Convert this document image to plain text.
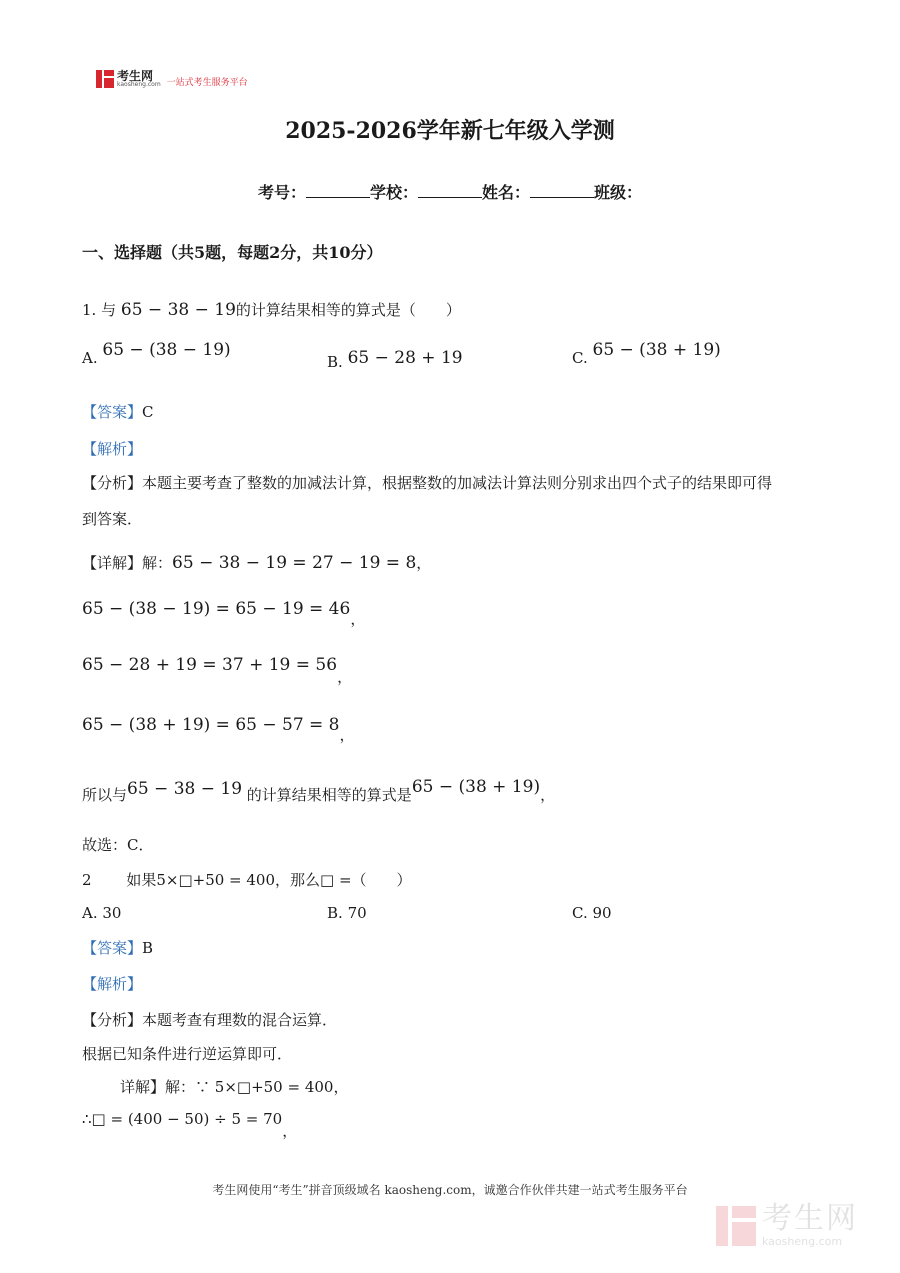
考生网
kaosheng.com 一站式考生服务平台
2025-2026学年新七年级入学测
考号：	学校：	姓名：	班级：
一、选择题（共5题，每题2分，共10分）
1. 与 65 − 38 − 19的计算结果相等的算式是（　　）
A. 65 − (38 − 19)
B. 65 − 28 + 19	C. 65 − (38 + 19)
【答案】C
【解析】
【分析】本题主要考查了整数的加减法计算，根据整数的加减法计算法则分别求出四个式子的结果即可得
到答案．
【详解】解：65 − 38 − 19 = 27 − 19 = 8，
65 − (38 − 19) = 65 − 19 = 46，
65 − 28 + 19 = 37 + 19 = 56，
65 − (38 + 19) = 65 − 57 = 8，
所以与65 − 38 − 19 的计算结果相等的算式是65 − (38 + 19)，
故选：C．
2 如果5×□+50 = 400，那么□ =（　　）
A. 30	B. 70	C. 90
【答案】B
【解析】
【分析】本题考查有理数的混合运算．
根据已知条件进行逆运算即可．
详解】解：∵ 5×□+50 = 400，
∴□ = (400 − 50) ÷ 5 = 70，
考生网使用“考生”拼音顶级域名 kaosheng.com，诚邀合作伙伴共建一站式考生服务平台
考生网
kaosheng.com
